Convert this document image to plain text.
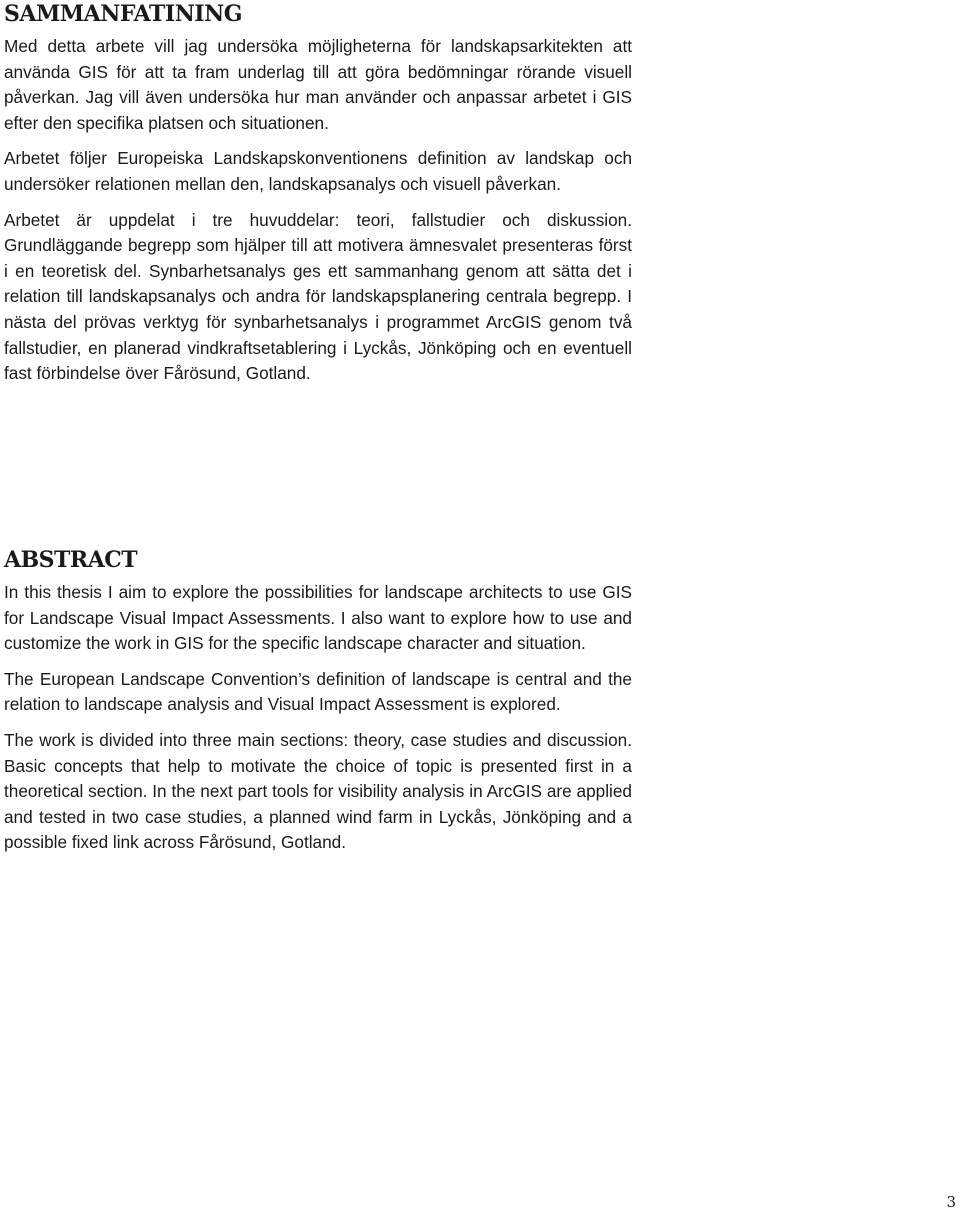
SAMMANFATINING

Med detta arbete vill jag undersöka möjligheterna för landskapsarkitekten att använda GIS för att ta fram underlag till att göra bedömningar rörande visuell påverkan. Jag vill även undersöka hur man använder och anpassar arbetet i GIS efter den specifika platsen och situationen.

Arbetet följer Europeiska Landskapskonventionens definition av landskap och undersöker relationen mellan den, landskapsanalys och visuell påverkan.

Arbetet är uppdelat i tre huvuddelar: teori, fallstudier och diskussion. Grundläggande begrepp som hjälper till att motivera ämnesvalet presenteras först i en teoretisk del. Synbarhetsanalys ges ett sammanhang genom att sätta det i relation till landskapsanalys och andra för landskapsplanering centrala begrepp. I nästa del prövas verktyg för synbarhetsanalys i programmet ArcGIS genom två fallstudier, en planerad vindkraftsetablering i Lyckås, Jönköping och en eventuell fast förbindelse över Fårösund, Gotland.

ABSTRACT

In this thesis I aim to explore the possibilities for landscape architects to use GIS for Landscape Visual Impact Assessments. I also want to explore how to use and customize the work in GIS for the specific landscape character and situation.

The European Landscape Convention’s definition of landscape is central and the relation to landscape analysis and Visual Impact Assessment is explored.

The work is divided into three main sections: theory, case studies and discussion. Basic concepts that help to motivate the choice of topic is presented first in a theoretical section. In the next part tools for visibility analysis in ArcGIS are applied and tested in two case studies, a planned wind farm in Lyckås, Jönköping and a possible fixed link across Fårösund, Gotland.

3
